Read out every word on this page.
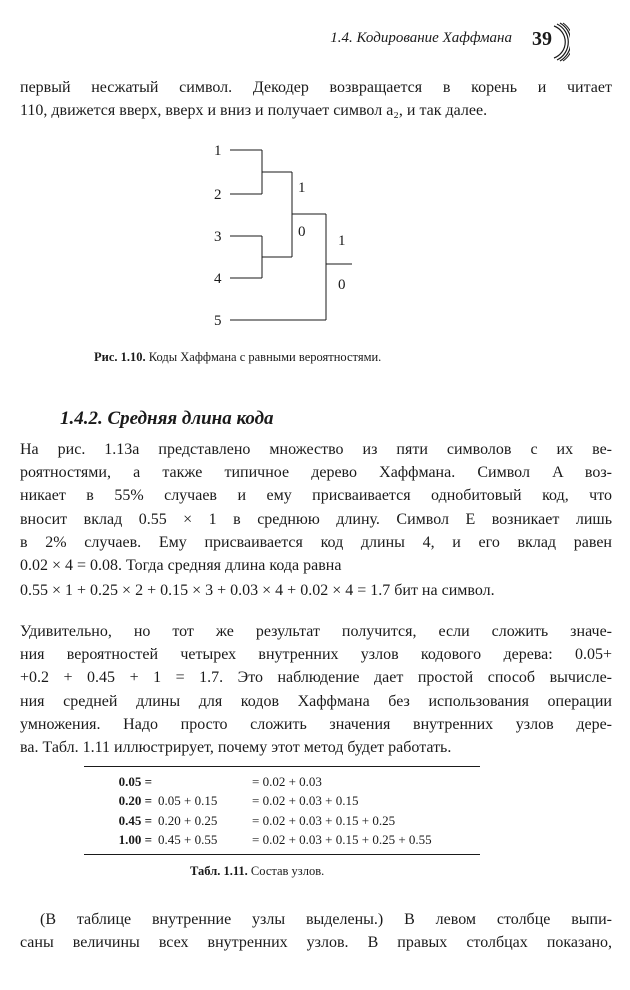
1.4. Кодирование Хаффмана 39
первый несжатый символ. Декодер возвращается в корень и читает
110, движется вверх, вверх и вниз и получает символ a₂, и так далее.
1
2
3
4
5
1
0
1
0
Рис. 1.10. Коды Хаффмана с равными вероятностями.
1.4.2. Средняя длина кода
На рис. 1.13а представлено множество из пяти символов с их ве-
роятностями, а также типичное дерево Хаффмана. Символ A воз-
никает в 55% случаев и ему присваивается однобитовый код, что
вносит вклад 0.55 × 1 в среднюю длину. Символ E возникает лишь
в 2% случаев. Ему присваивается код длины 4, и его вклад равен
0.02 × 4 = 0.08. Тогда средняя длина кода равна
0.55 × 1 + 0.25 × 2 + 0.15 × 3 + 0.03 × 4 + 0.02 × 4 = 1.7 бит на символ.
Удивительно, но тот же результат получится, если сложить значе-
ния вероятностей четырех внутренних узлов кодового дерева: 0.05+
+0.2 + 0.45 + 1 = 1.7. Это наблюдение дает простой способ вычисле-
ния средней длины для кодов Хаффмана без использования операции
умножения. Надо просто сложить значения внутренних узлов дере-
ва. Табл. 1.11 иллюстрирует, почему этот метод будет работать.
0.05 =		= 0.02 + 0.03
0.20 =	0.05 + 0.15	= 0.02 + 0.03 + 0.15
0.45 =	0.20 + 0.25	= 0.02 + 0.03 + 0.15 + 0.25
1.00 =	0.45 + 0.55	= 0.02 + 0.03 + 0.15 + 0.25 + 0.55
Табл. 1.11. Состав узлов.
(В таблице внутренние узлы выделены.) В левом столбце выпи-
саны величины всех внутренних узлов. В правых столбцах показано,
